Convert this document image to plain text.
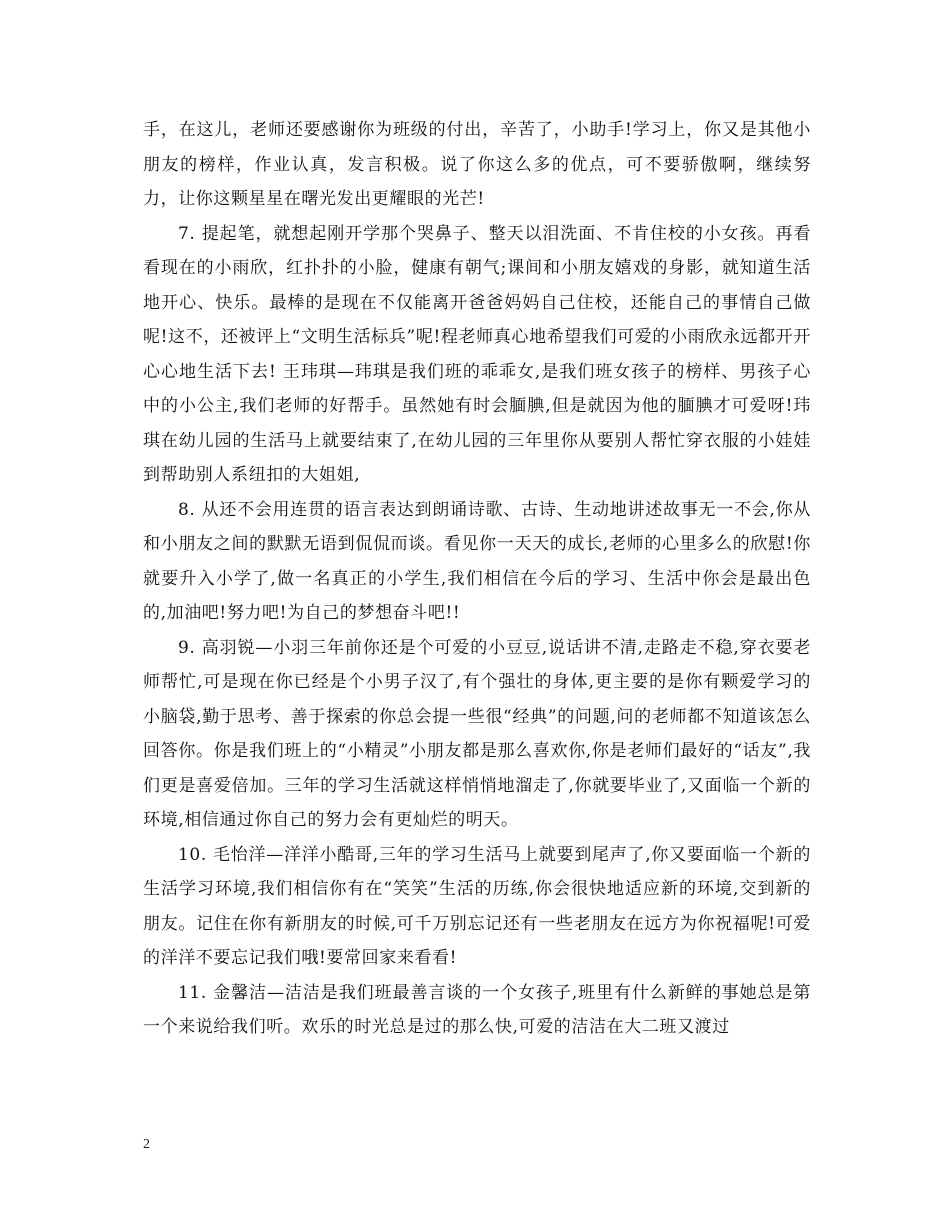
手，在这儿，老师还要感谢你为班级的付出，辛苦了，小助手!学习上，你又是其他小朋友的榜样，作业认真，发言积极。说了你这么多的优点，可不要骄傲啊，继续努力，让你这颗星星在曙光发出更耀眼的光芒!

7. 提起笔，就想起刚开学那个哭鼻子、整天以泪洗面、不肯住校的小女孩。再看看现在的小雨欣，红扑扑的小脸，健康有朝气;课间和小朋友嬉戏的身影，就知道生活地开心、快乐。最棒的是现在不仅能离开爸爸妈妈自己住校，还能自己的事情自己做呢!这不，还被评上“文明生活标兵”呢!程老师真心地希望我们可爱的小雨欣永远都开开心心地生活下去! 王玮琪—玮琪是我们班的乖乖女,是我们班女孩子的榜样、男孩子心中的小公主,我们老师的好帮手。虽然她有时会腼腆,但是就因为他的腼腆才可爱呀!玮琪在幼儿园的生活马上就要结束了,在幼儿园的三年里你从要别人帮忙穿衣服的小娃娃到帮助别人系纽扣的大姐姐,

8. 从还不会用连贯的语言表达到朗诵诗歌、古诗、生动地讲述故事无一不会,你从和小朋友之间的默默无语到侃侃而谈。看见你一天天的成长,老师的心里多么的欣慰!你就要升入小学了,做一名真正的小学生,我们相信在今后的学习、生活中你会是最出色的,加油吧!努力吧!为自己的梦想奋斗吧!!

9. 高羽锐—小羽三年前你还是个可爱的小豆豆,说话讲不清,走路走不稳,穿衣要老师帮忙,可是现在你已经是个小男子汉了,有个强壮的身体,更主要的是你有颗爱学习的小脑袋,勤于思考、善于探索的你总会提一些很“经典”的问题,问的老师都不知道该怎么回答你。你是我们班上的“小精灵”小朋友都是那么喜欢你,你是老师们最好的“话友”,我们更是喜爱倍加。三年的学习生活就这样悄悄地溜走了,你就要毕业了,又面临一个新的环境,相信通过你自己的努力会有更灿烂的明天。

10. 毛怡洋—洋洋小酷哥,三年的学习生活马上就要到尾声了,你又要面临一个新的生活学习环境,我们相信你有在“笑笑”生活的历练,你会很快地适应新的环境,交到新的朋友。记住在你有新朋友的时候,可千万别忘记还有一些老朋友在远方为你祝福呢!可爱的洋洋不要忘记我们哦!要常回家来看看!

11. 金馨洁—洁洁是我们班最善言谈的一个女孩子,班里有什么新鲜的事她总是第一个来说给我们听。欢乐的时光总是过的那么快,可爱的洁洁在大二班又渡过

2
